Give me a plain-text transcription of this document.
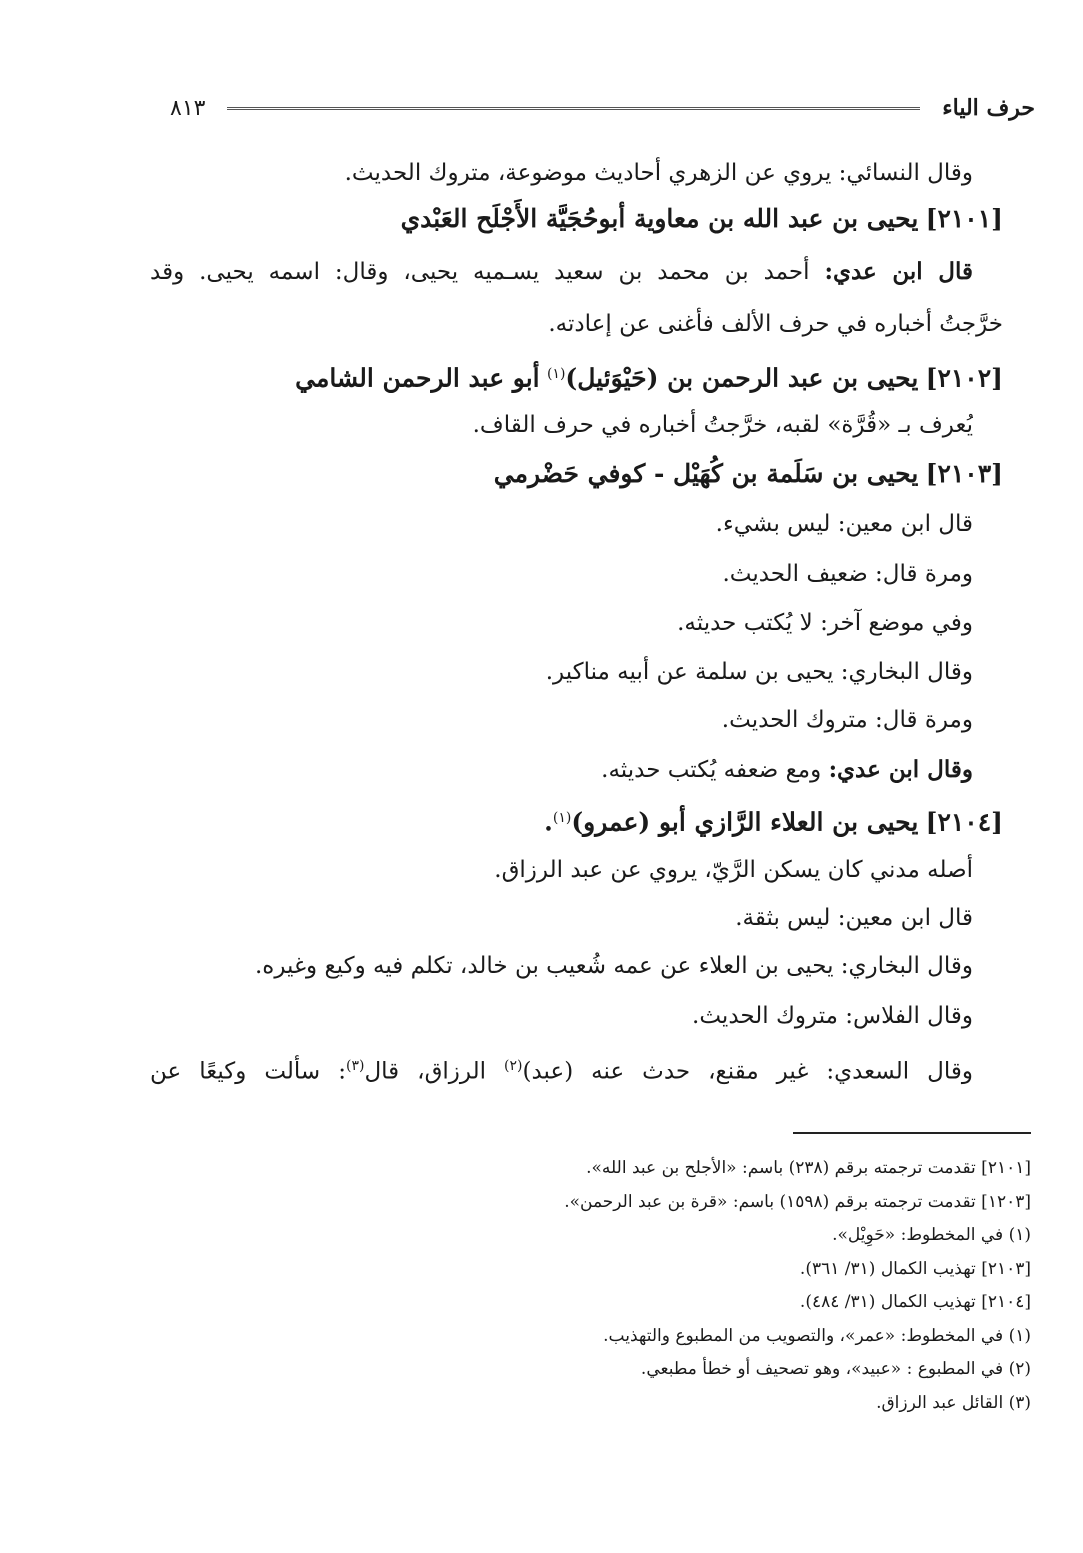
حرف الياء
٨١٣
وقال النسائي: يروي عن الزهري أحاديث موضوعة، متروك الحديث.
[٢١٠١] يحيى بن عبد الله بن معاوية أبوحُجَيَّة الأَجْلَح العَبْدي
قال ابن عدي: أحمد بن محمد بن سعيد يسـميه يحيى، وقال: اسمه يحيى. وقد
خرَّجتُ أخباره في حرف الألف فأغنى عن إعادته.
[٢١٠٢] يحيى بن عبد الرحمن بن (حَيْوَئيل)$^{(١)}$ أبو عبد الرحمن الشامي
يُعرف بـ «قُرَّة» لقبه، خرَّجتُ أخباره في حرف القاف.
[٢١٠٣] يحيى بن سَلَمة بن كُهَيْل - كوفي حَضْرمي
قال ابن معين: ليس بشيء.
ومرة قال: ضعيف الحديث.
وفي موضع آخر: لا يُكتب حديثه.
وقال البخاري: يحيى بن سلمة عن أبيه مناكير.
ومرة قال: متروك الحديث.
وقال ابن عدي: ومع ضعفه يُكتب حديثه.
[٢١٠٤] يحيى بن العلاء الرَّازي أبو (عمرو)$^{(١)}$.
أصله مدني كان يسكن الرَّيّ، يروي عن عبد الرزاق.
قال ابن معين: ليس بثقة.
وقال البخاري: يحيى بن العلاء عن عمه شُعيب بن خالد، تكلم فيه وكيع وغيره.
وقال الفلاس: متروك الحديث.
وقال السعدي: غير مقنع، حدث عنه (عبد)$^{(٢)}$ الرزاق، قال$^{(٣)}$: سألت وكيعًا عن
[٢١٠١] تقدمت ترجمته برقم (٢٣٨) باسم: «الأجلح بن عبد الله».
[١٢٠٣] تقدمت ترجمته برقم (١٥٩٨) باسم: «قرة بن عبد الرحمن».
(١) في المخطوط: «حَوِيْل».
[٢١٠٣] تهذيب الكمال (٣١/ ٣٦١).
[٢١٠٤] تهذيب الكمال (٣١/ ٤٨٤).
(١) في المخطوط: «عمر»، والتصويب من المطبوع والتهذيب.
(٢) في المطبوع : «عبيد»، وهو تصحيف أو خطأ مطبعي.
(٣) القائل عبد الرزاق.
